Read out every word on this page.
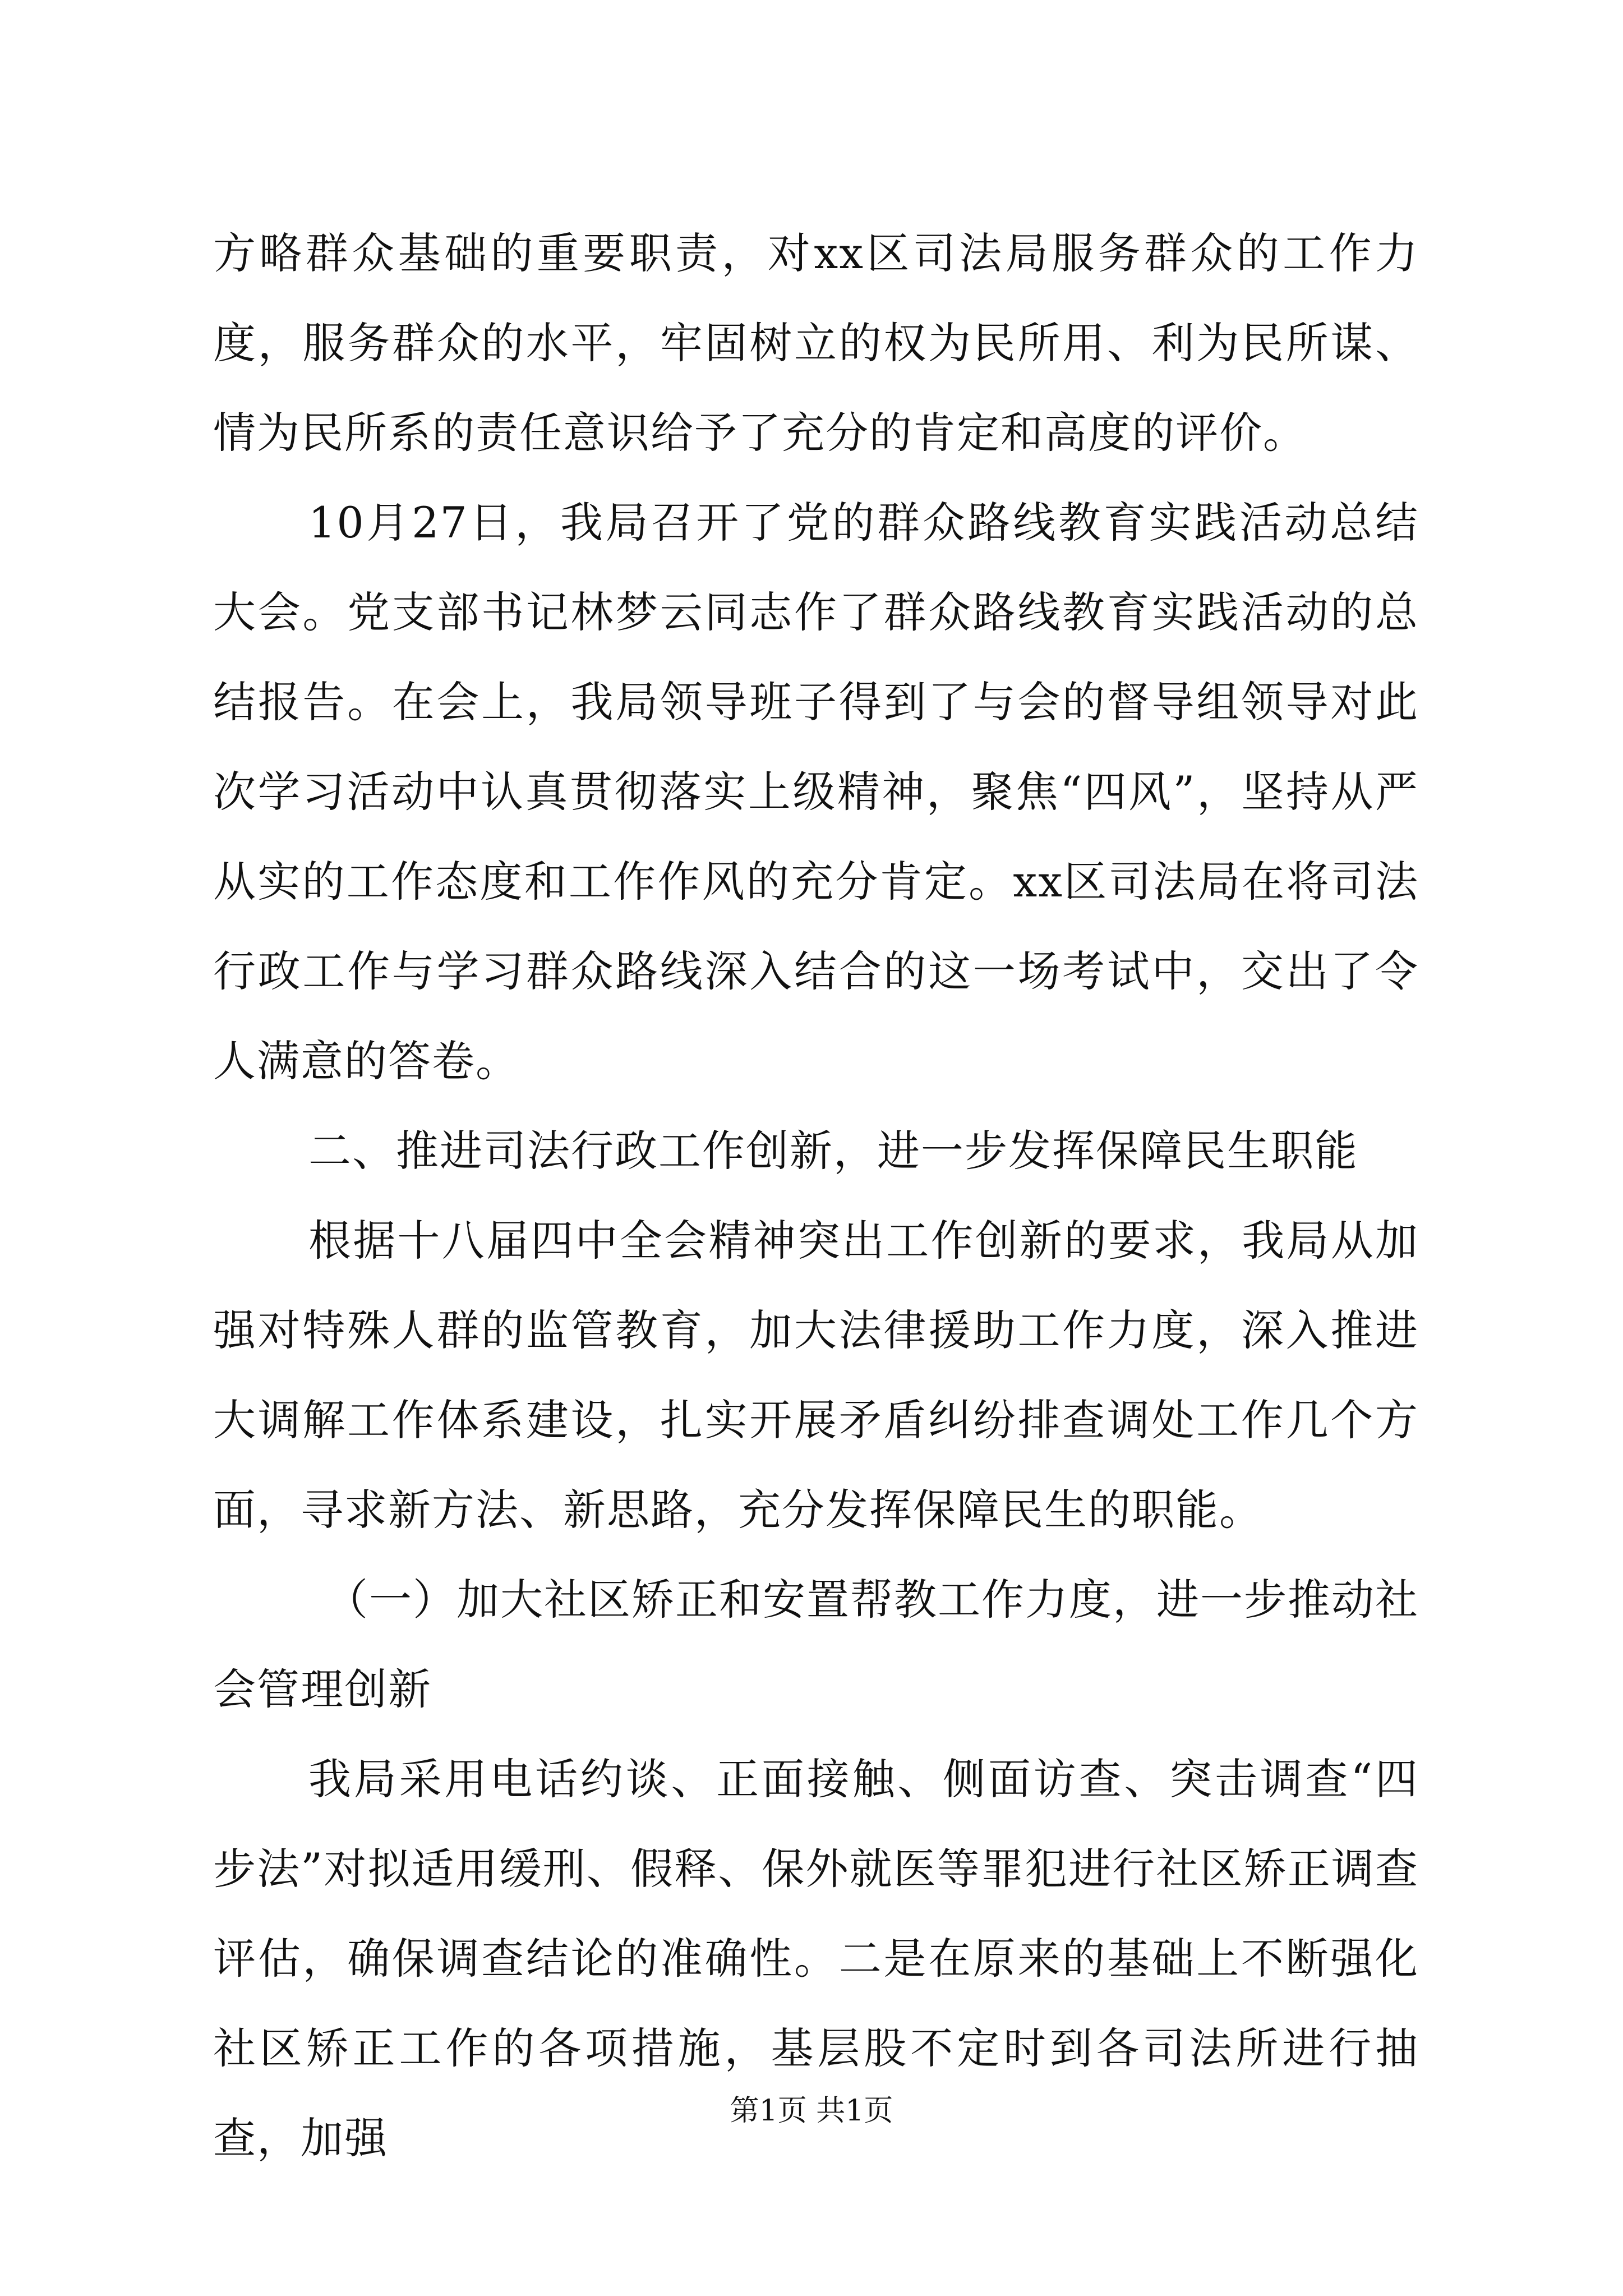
方略群众基础的重要职责，对xx区司法局服务群众的工作力度，服务群众的水平，牢固树立的权为民所用、利为民所谋、情为民所系的责任意识给予了充分的肯定和高度的评价。

10月27日，我局召开了党的群众路线教育实践活动总结大会。党支部书记林梦云同志作了群众路线教育实践活动的总结报告。在会上，我局领导班子得到了与会的督导组领导对此次学习活动中认真贯彻落实上级精神，聚焦“四风”，坚持从严从实的工作态度和工作作风的充分肯定。xx区司法局在将司法行政工作与学习群众路线深入结合的这一场考试中，交出了令人满意的答卷。

二、推进司法行政工作创新，进一步发挥保障民生职能

根据十八届四中全会精神突出工作创新的要求，我局从加强对特殊人群的监管教育，加大法律援助工作力度，深入推进大调解工作体系建设，扎实开展矛盾纠纷排查调处工作几个方面，寻求新方法、新思路，充分发挥保障民生的职能。

（一）加大社区矫正和安置帮教工作力度，进一步推动社会管理创新

我局采用电话约谈、正面接触、侧面访查、突击调查“四步法”对拟适用缓刑、假释、保外就医等罪犯进行社区矫正调查评估，确保调查结论的准确性。二是在原来的基础上不断强化社区矫正工作的各项措施，基层股不定时到各司法所进行抽查，加强

第1页 共1页
